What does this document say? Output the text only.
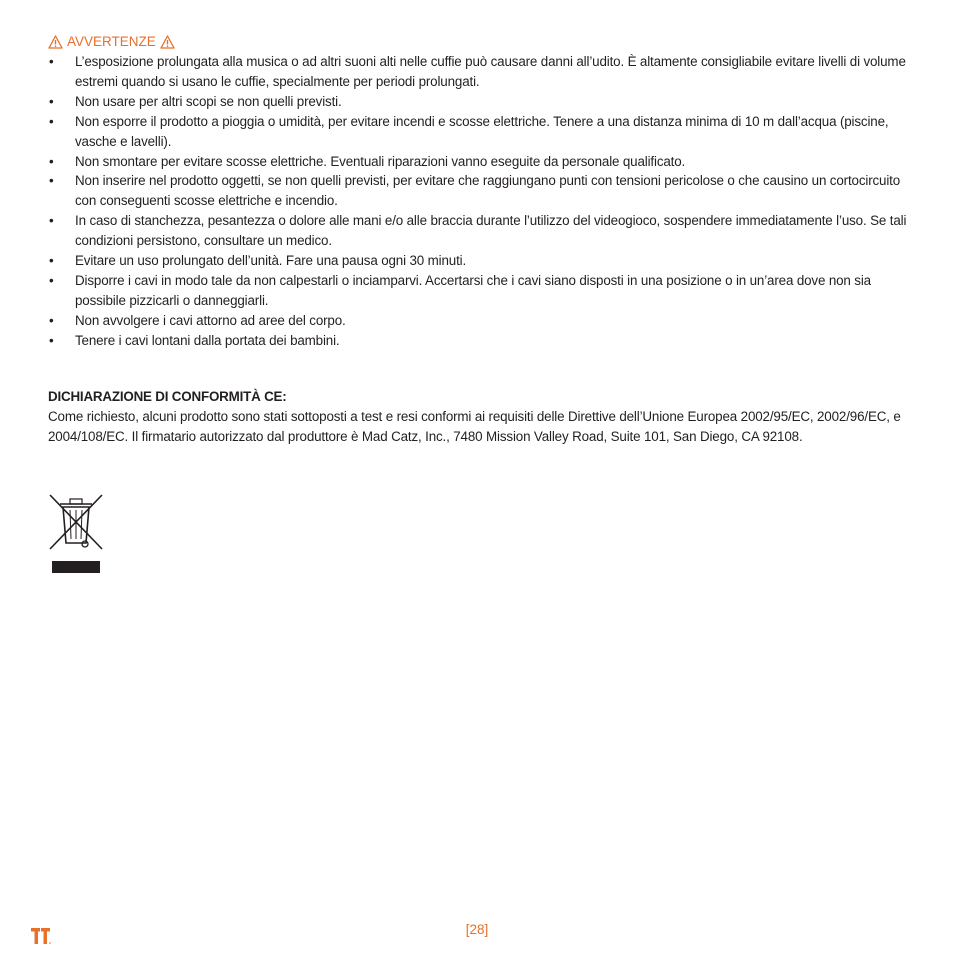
AVVERTENZE
• L’esposizione prolungata alla musica o ad altri suoni alti nelle cuffie può causare danni all’udito. È altamente consigliabile evitare livelli di volume estremi quando si usano le cuffie, specialmente per periodi prolungati.
• Non usare per altri scopi se non quelli previsti.
• Non esporre il prodotto a pioggia o umidità, per evitare incendi e scosse elettriche. Tenere a una distanza minima di 10 m dall’acqua (piscine, vasche e lavelli).
• Non smontare per evitare scosse elettriche. Eventuali riparazioni vanno eseguite da personale qualificato.
• Non inserire nel prodotto oggetti, se non quelli previsti, per evitare che raggiungano punti con tensioni pericolose o che causino un cortocircuito con conseguenti scosse elettriche e incendio.
• In caso di stanchezza, pesantezza o dolore alle mani e/o alle braccia durante l’utilizzo del videogioco, sospendere immediatamente l’uso. Se tali condizioni persistono, consultare un medico.
• Evitare un uso prolungato dell’unità. Fare una pausa ogni 30 minuti.
• Disporre i cavi in modo tale da non calpestarli o inciamparvi. Accertarsi che i cavi siano disposti in una posizione o in un’area dove non sia possibile pizzicarli o danneggiarli.
• Non avvolgere i cavi attorno ad aree del corpo.
• Tenere i cavi lontani dalla portata dei bambini.
DICHIARAZIONE DI CONFORMITÀ CE:
Come richiesto, alcuni prodotto sono stati sottoposti a test e resi conformi ai requisiti delle Direttive dell’Unione Europea 2002/95/EC, 2002/96/EC, e 2004/108/EC. Il firmatario autorizzato dal produttore è Mad Catz, Inc., 7480 Mission Valley Road, Suite 101, San Diego, CA 92108.
[28]
